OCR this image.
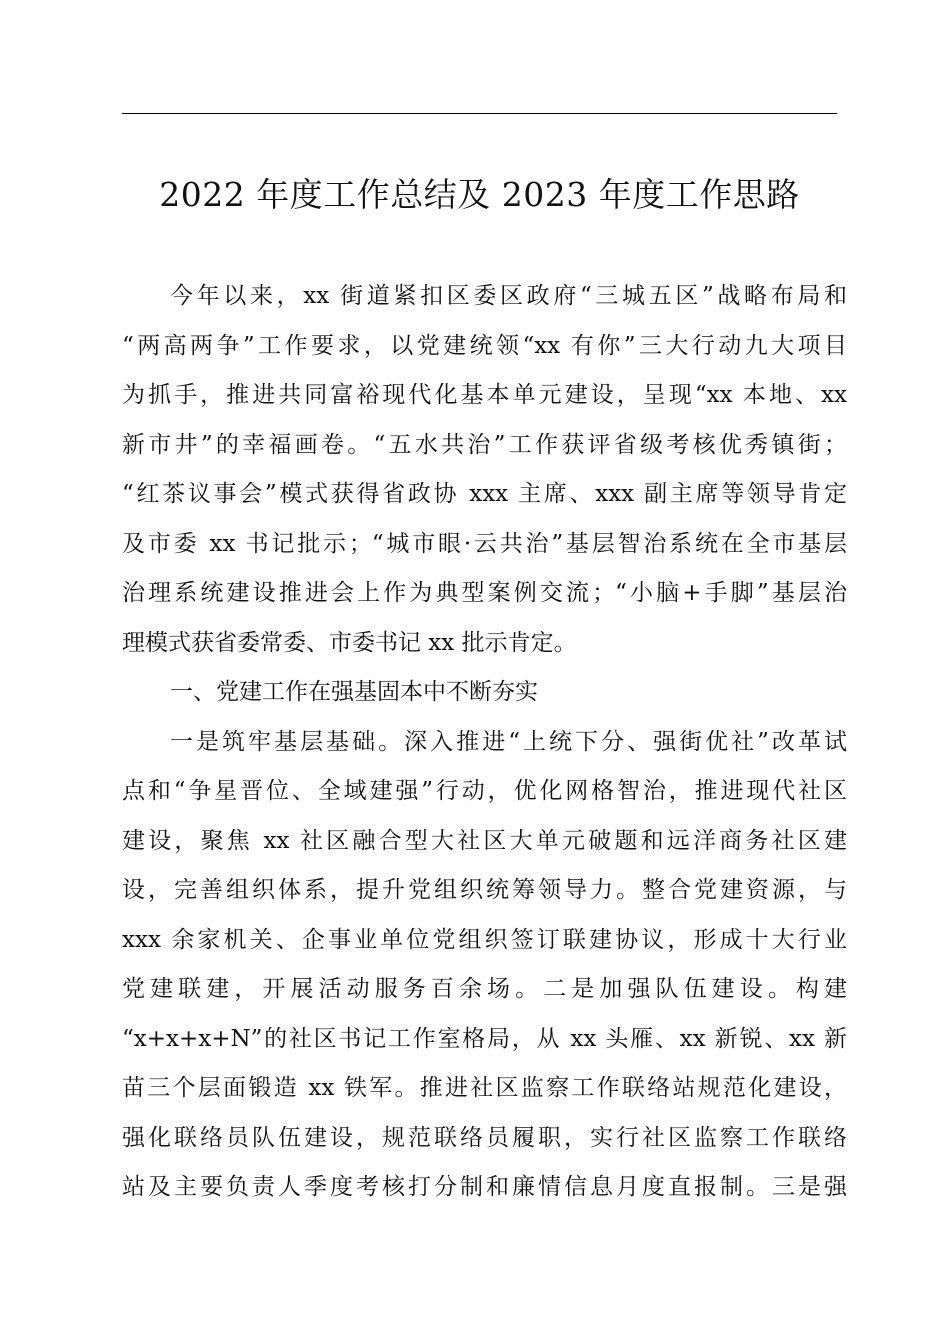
2022 年度工作总结及 2023 年度工作思路
今年以来，xx 街道紧扣区委区政府“三城五区”战略布局和
“两高两争”工作要求，以党建统领“xx 有你”三大行动九大项目
为抓手，推进共同富裕现代化基本单元建设，呈现“xx 本地、xx
新市井”的幸福画卷。“五水共治”工作获评省级考核优秀镇街；
“红茶议事会”模式获得省政协 xxx 主席、xxx 副主席等领导肯定
及市委 xx 书记批示；“城市眼·云共治”基层智治系统在全市基层
治理系统建设推进会上作为典型案例交流；“小脑+手脚”基层治
理模式获省委常委、市委书记 xx 批示肯定。
一、党建工作在强基固本中不断夯实
一是筑牢基层基础。深入推进“上统下分、强街优社”改革试
点和“争星晋位、全域建强”行动，优化网格智治，推进现代社区
建设，聚焦 xx 社区融合型大社区大单元破题和远洋商务社区建
设，完善组织体系，提升党组织统筹领导力。整合党建资源，与
xxx 余家机关、企事业单位党组织签订联建协议，形成十大行业
党建联建，开展活动服务百余场。二是加强队伍建设。构建
“x+x+x+N”的社区书记工作室格局，从 xx 头雁、xx 新锐、xx 新
苗三个层面锻造 xx 铁军。推进社区监察工作联络站规范化建设，
强化联络员队伍建设，规范联络员履职，实行社区监察工作联络
站及主要负责人季度考核打分制和廉情信息月度直报制。三是强
